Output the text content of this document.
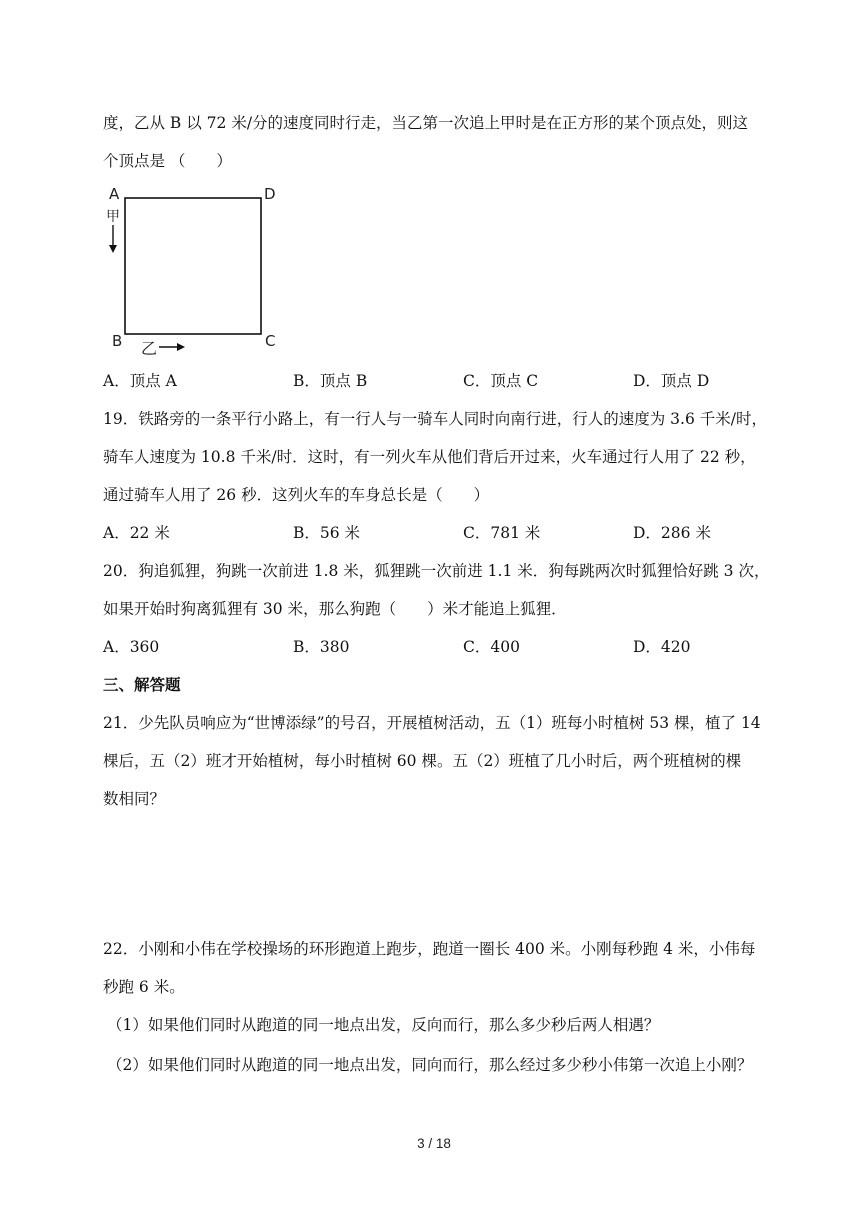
度，乙从 B 以 72 米/分的速度同时行走，当乙第一次追上甲时是在正方形的某个顶点处，则这
个顶点是 （　　）
A	D
B	C
甲
乙
A．顶点 A	B．顶点 B	C．顶点 C	D．顶点 D
19．铁路旁的一条平行小路上，有一行人与一骑车人同时向南行进，行人的速度为 3.6 千米/时，
骑车人速度为 10.8 千米/时．这时，有一列火车从他们背后开过来，火车通过行人用了 22 秒，
通过骑车人用了 26 秒．这列火车的车身总长是（　　）
A．22 米	B．56 米	C．781 米	D．286 米
20．狗追狐狸，狗跳一次前进 1.8 米，狐狸跳一次前进 1.1 米．狗每跳两次时狐狸恰好跳 3 次，
如果开始时狗离狐狸有 30 米，那么狗跑（　　）米才能追上狐狸．
A．360	B．380	C．400	D．420
三、解答题
21．少先队员响应为“世博添绿”的号召，开展植树活动，五（1）班每小时植树 53 棵，植了 14
棵后，五（2）班才开始植树，每小时植树 60 棵。五（2）班植了几小时后，两个班植树的棵
数相同？
22．小刚和小伟在学校操场的环形跑道上跑步，跑道一圈长 400 米。小刚每秒跑 4 米，小伟每
秒跑 6 米。
（1）如果他们同时从跑道的同一地点出发，反向而行，那么多少秒后两人相遇？
（2）如果他们同时从跑道的同一地点出发，同向而行，那么经过多少秒小伟第一次追上小刚？
3 / 18
